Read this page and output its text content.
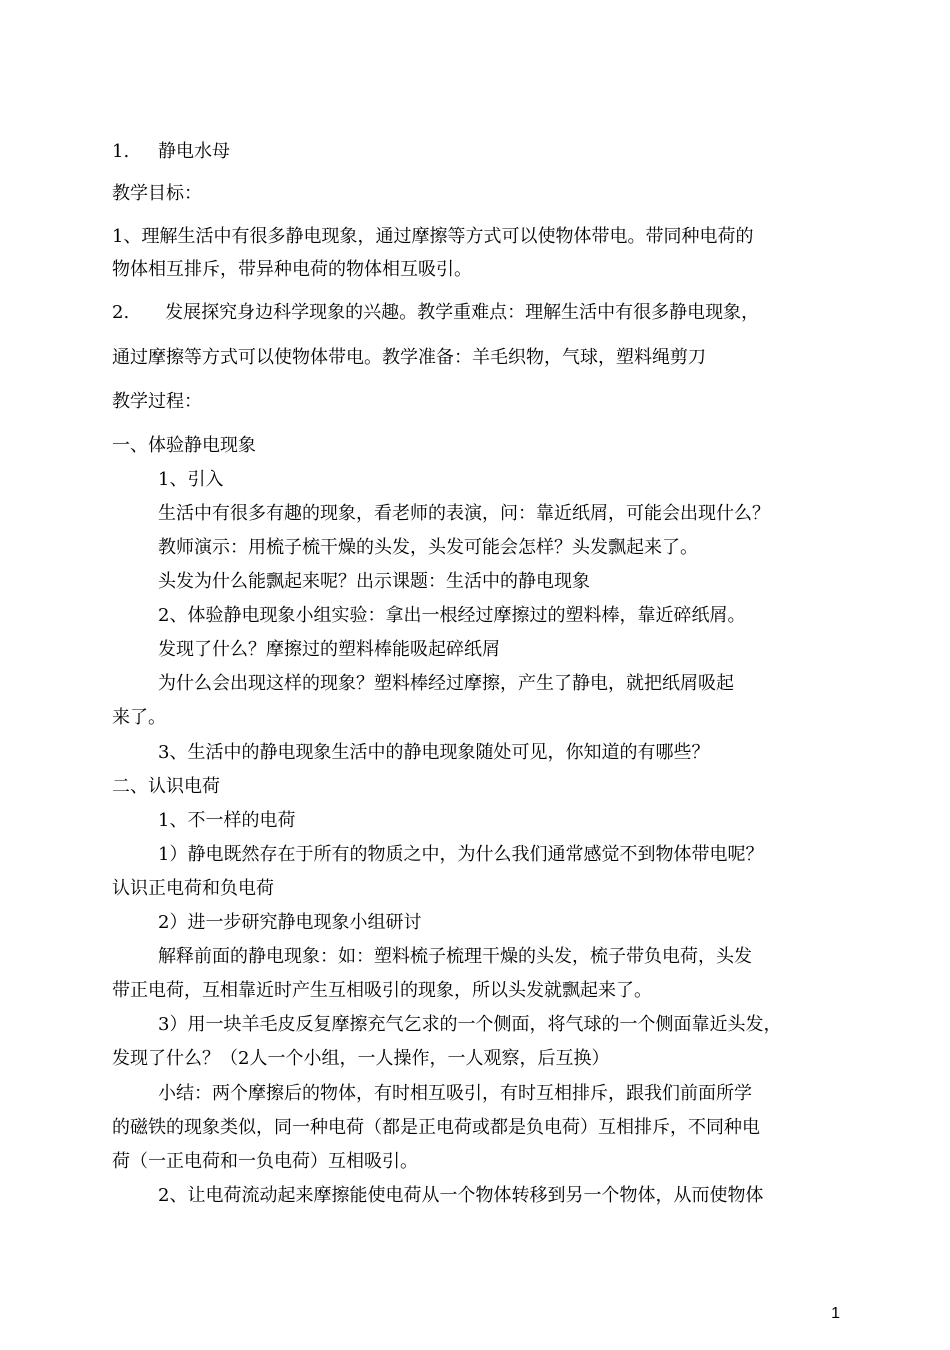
1. 静电水母
教学目标：
1、理解生活中有很多静电现象，通过摩擦等方式可以使物体带电。带同种电荷的
物体相互排斥，带异种电荷的物体相互吸引。
2.　　发展探究身边科学现象的兴趣。教学重难点：理解生活中有很多静电现象，
通过摩擦等方式可以使物体带电。教学准备：羊毛织物，气球，塑料绳剪刀
教学过程：
一、体验静电现象
1、引入
生活中有很多有趣的现象，看老师的表演，问：靠近纸屑，可能会出现什么？
教师演示：用梳子梳干燥的头发，头发可能会怎样？头发飘起来了。
头发为什么能飘起来呢？出示课题：生活中的静电现象
2、体验静电现象小组实验：拿出一根经过摩擦过的塑料棒，靠近碎纸屑。
发现了什么？摩擦过的塑料棒能吸起碎纸屑
为什么会出现这样的现象？塑料棒经过摩擦，产生了静电，就把纸屑吸起
来了。
3、生活中的静电现象生活中的静电现象随处可见，你知道的有哪些？
二、认识电荷
1、不一样的电荷
1）静电既然存在于所有的物质之中，为什么我们通常感觉不到物体带电呢？
认识正电荷和负电荷
2）进一步研究静电现象小组研讨
解释前面的静电现象：如：塑料梳子梳理干燥的头发，梳子带负电荷，头发
带正电荷，互相靠近时产生互相吸引的现象，所以头发就飘起来了。
3）用一块羊毛皮反复摩擦充气乞求的一个侧面，将气球的一个侧面靠近头发，
发现了什么？（2人一个小组，一人操作，一人观察，后互换）
小结：两个摩擦后的物体，有时相互吸引，有时互相排斥，跟我们前面所学
的磁铁的现象类似，同一种电荷（都是正电荷或都是负电荷）互相排斥，不同种电
荷（一正电荷和一负电荷）互相吸引。
2、让电荷流动起来摩擦能使电荷从一个物体转移到另一个物体，从而使物体
1
